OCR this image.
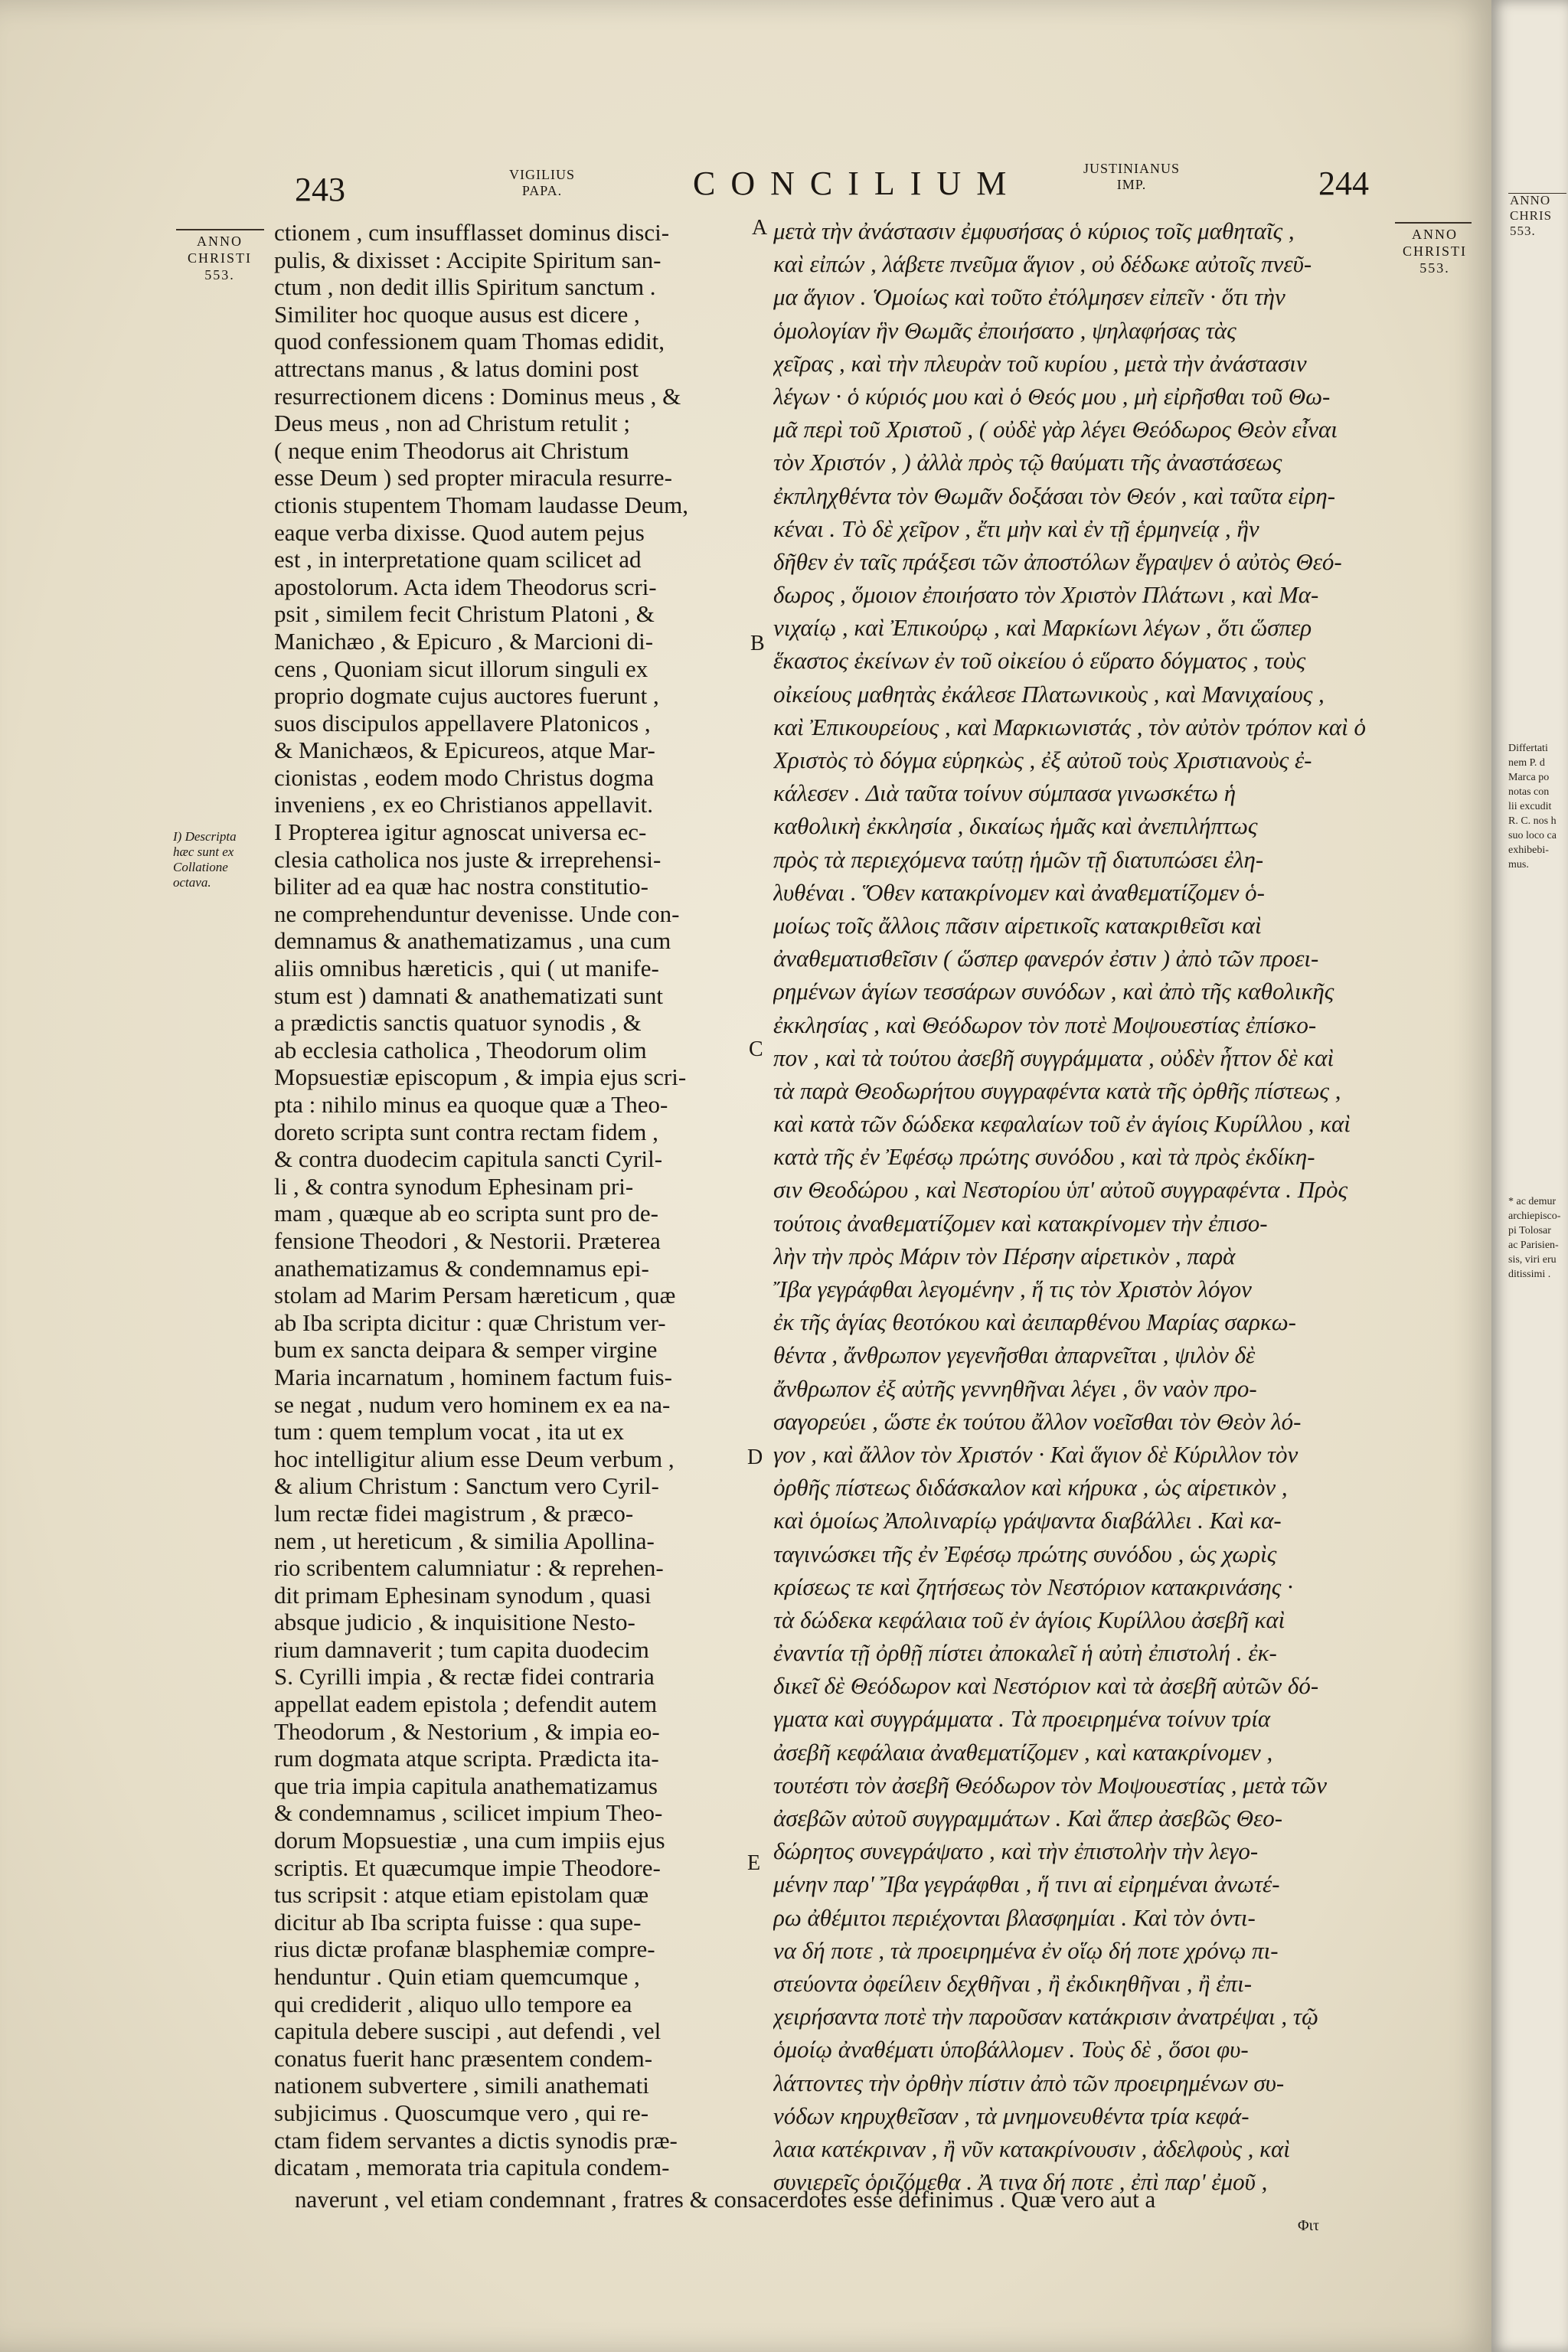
243	VIGILIUS
PAPA.	CONCILIUM	JUSTINIANUS
IMP.	244
ANNO
CHRISTI
553.
I) Descripta
hæc sunt ex
Collatione
octava.
ANNO
CHRISTI
553.
A
B
C
D
E
ctionem , cum insufflasset dominus disci-
pulis, & dixisset : Accipite Spiritum san-
ctum , non dedit illis Spiritum sanctum .
Similiter hoc quoque ausus est dicere ,
quod confessionem quam Thomas edidit,
attrectans manus , & latus domini post
resurrectionem dicens : Dominus meus , &
Deus meus , non ad Christum retulit ;
( neque enim Theodorus ait Christum
esse Deum ) sed propter miracula resurre-
ctionis stupentem Thomam laudasse Deum,
eaque verba dixisse. Quod autem pejus
est , in interpretatione quam scilicet ad
apostolorum. Acta idem Theodorus scri-
psit , similem fecit Christum Platoni , &
Manichæo , & Epicuro , & Marcioni di-
cens , Quoniam sicut illorum singuli ex
proprio dogmate cujus auctores fuerunt ,
suos discipulos appellavere Platonicos ,
& Manichæos, & Epicureos, atque Mar-
cionistas , eodem modo Christus dogma
inveniens , ex eo Christianos appellavit.
I Propterea igitur agnoscat universa ec-
clesia catholica nos juste & irreprehensi-
biliter ad ea quæ hac nostra constitutio-
ne comprehenduntur devenisse. Unde con-
demnamus & anathematizamus , una cum
aliis omnibus hæreticis , qui ( ut manife-
stum est ) damnati & anathematizati sunt
a prædictis sanctis quatuor synodis , &
ab ecclesia catholica , Theodorum olim
Mopsuestiæ episcopum , & impia ejus scri-
pta : nihilo minus ea quoque quæ a Theo-
doreto scripta sunt contra rectam fidem ,
& contra duodecim capitula sancti Cyril-
li , & contra synodum Ephesinam pri-
mam , quæque ab eo scripta sunt pro de-
fensione Theodori , & Nestorii. Præterea
anathematizamus & condemnamus epi-
stolam ad Marim Persam hæreticum , quæ
ab Iba scripta dicitur : quæ Christum ver-
bum ex sancta deipara & semper virgine
Maria incarnatum , hominem factum fuis-
se negat , nudum vero hominem ex ea na-
tum : quem templum vocat , ita ut ex
hoc intelligitur alium esse Deum verbum ,
& alium Christum : Sanctum vero Cyril-
lum rectæ fidei magistrum , & præco-
nem , ut hereticum , & similia Apollina-
rio scribentem calumniatur : & reprehen-
dit primam Ephesinam synodum , quasi
absque judicio , & inquisitione Nesto-
rium damnaverit ; tum capita duodecim
S. Cyrilli impia , & rectæ fidei contraria
appellat eadem epistola ; defendit autem
Theodorum , & Nestorium , & impia eo-
rum dogmata atque scripta. Prædicta ita-
que tria impia capitula anathematizamus
& condemnamus , scilicet impium Theo-
dorum Mopsuestiæ , una cum impiis ejus
scriptis. Et quæcumque impie Theodore-
tus scripsit : atque etiam epistolam quæ
dicitur ab Iba scripta fuisse : qua supe-
rius dictæ profanæ blasphemiæ compre-
henduntur . Quin etiam quemcumque ,
qui crediderit , aliquo ullo tempore ea
capitula debere suscipi , aut defendi , vel
conatus fuerit hanc præsentem condem-
nationem subvertere , simili anathemati
subjicimus . Quoscumque vero , qui re-
ctam fidem servantes a dictis synodis præ-
dicatam , memorata tria capitula condem-
μετὰ τὴν ἀνάστασιν ἐμφυσήσας ὁ κύριος τοῖς μαθηταῖς ,
καὶ εἰπών , λάβετε πνεῦμα ἅγιον , οὐ δέδωκε αὐτοῖς πνεῦ-
μα ἅγιον . Ὁμοίως καὶ τοῦτο ἐτόλμησεν εἰπεῖν · ὅτι τὴν
ὁμολογίαν ἣν Θωμᾶς ἐποιήσατο , ψηλαφήσας τὰς
χεῖρας , καὶ τὴν πλευρὰν τοῦ κυρίου , μετὰ τὴν ἀνάστασιν
λέγων · ὁ κύριός μου καὶ ὁ Θεός μου , μὴ εἰρῆσθαι τοῦ Θω-
μᾶ περὶ τοῦ Χριστοῦ , ( οὐδὲ γὰρ λέγει Θεόδωρος Θεὸν εἶναι
τὸν Χριστόν , ) ἀλλὰ πρὸς τῷ θαύματι τῆς ἀναστάσεως
ἐκπληχθέντα τὸν Θωμᾶν δοξάσαι τὸν Θεόν , καὶ ταῦτα εἰρη-
κέναι . Τὸ δὲ χεῖρον , ἔτι μὴν καὶ ἐν τῇ ἑρμηνείᾳ , ἣν
δῆθεν ἐν ταῖς πράξεσι τῶν ἀποστόλων ἔγραψεν ὁ αὐτὸς Θεό-
δωρος , ὅμοιον ἐποιήσατο τὸν Χριστὸν Πλάτωνι , καὶ Μα-
νιχαίῳ , καὶ Ἐπικούρῳ , καὶ Μαρκίωνι λέγων , ὅτι ὥσπερ
ἕκαστος ἐκείνων ἐν τοῦ οἰκείου ὁ εὕρατο δόγματος , τοὺς
οἰκείους μαθητὰς ἐκάλεσε Πλατωνικοὺς , καὶ Μανιχαίους ,
καὶ Ἐπικουρείους , καὶ Μαρκιωνιστάς , τὸν αὐτὸν τρόπον καὶ ὁ
Χριστὸς τὸ δόγμα εὑρηκὼς , ἐξ αὐτοῦ τοὺς Χριστιανοὺς ἐ-
κάλεσεν . Διὰ ταῦτα τοίνυν σύμπασα γινωσκέτω ἡ
καθολικὴ ἐκκλησία , δικαίως ἡμᾶς καὶ ἀνεπιλήπτως
πρὸς τὰ περιεχόμενα ταύτῃ ἡμῶν τῇ διατυπώσει ἐλη-
λυθέναι . Ὅθεν κατακρίνομεν καὶ ἀναθεματίζομεν ὁ-
μοίως τοῖς ἄλλοις πᾶσιν αἱρετικοῖς κατακριθεῖσι καὶ
ἀναθεματισθεῖσιν ( ὥσπερ φανερόν ἐστιν ) ἀπὸ τῶν προει-
ρημένων ἁγίων τεσσάρων συνόδων , καὶ ἀπὸ τῆς καθολικῆς
ἐκκλησίας , καὶ Θεόδωρον τὸν ποτὲ Μοψουεστίας ἐπίσκο-
πον , καὶ τὰ τούτου ἀσεβῆ συγγράμματα , οὐδὲν ἧττον δὲ καὶ
τὰ παρὰ Θεοδωρήτου συγγραφέντα κατὰ τῆς ὀρθῆς πίστεως ,
καὶ κατὰ τῶν δώδεκα κεφαλαίων τοῦ ἐν ἁγίοις Κυρίλλου , καὶ
κατὰ τῆς ἐν Ἐφέσῳ πρώτης συνόδου , καὶ τὰ πρὸς ἐκδίκη-
σιν Θεοδώρου , καὶ Νεστορίου ὑπ' αὐτοῦ συγγραφέντα . Πρὸς
τούτοις ἀναθεματίζομεν καὶ κατακρίνομεν τὴν ἐπισο-
λὴν τὴν πρὸς Μάριν τὸν Πέρσην αἱρετικὸν , παρὰ
Ἴβα γεγράφθαι λεγομένην , ἥ τις τὸν Χριστὸν λόγον
ἐκ τῆς ἁγίας θεοτόκου καὶ ἀειπαρθένου Μαρίας σαρκω-
θέντα , ἄνθρωπον γεγενῆσθαι ἀπαρνεῖται , ψιλὸν δὲ
ἄνθρωπον ἐξ αὐτῆς γεννηθῆναι λέγει , ὃν ναὸν προ-
σαγορεύει , ὥστε ἐκ τούτου ἄλλον νοεῖσθαι τὸν Θεὸν λό-
γον , καὶ ἄλλον τὸν Χριστόν · Καὶ ἅγιον δὲ Κύριλλον τὸν
ὀρθῆς πίστεως διδάσκαλον καὶ κήρυκα , ὡς αἱρετικὸν ,
καὶ ὁμοίως Ἀπολιναρίῳ γράψαντα διαβάλλει . Καὶ κα-
ταγινώσκει τῆς ἐν Ἐφέσῳ πρώτης συνόδου , ὡς χωρὶς
κρίσεως τε καὶ ζητήσεως τὸν Νεστόριον κατακρινάσης ·
τὰ δώδεκα κεφάλαια τοῦ ἐν ἁγίοις Κυρίλλου ἀσεβῆ καὶ
ἐναντία τῇ ὀρθῇ πίστει ἀποκαλεῖ ἡ αὐτὴ ἐπιστολή . ἐκ-
δικεῖ δὲ Θεόδωρον καὶ Νεστόριον καὶ τὰ ἀσεβῆ αὐτῶν δό-
γματα καὶ συγγράμματα . Τὰ προειρημένα τοίνυν τρία
ἀσεβῆ κεφάλαια ἀναθεματίζομεν , καὶ κατακρίνομεν ,
τουτέστι τὸν ἀσεβῆ Θεόδωρον τὸν Μοψουεστίας , μετὰ τῶν
ἀσεβῶν αὐτοῦ συγγραμμάτων . Καὶ ἅπερ ἀσεβῶς Θεο-
δώρητος συνεγράψατο , καὶ τὴν ἐπιστολὴν τὴν λεγο-
μένην παρ' Ἴβα γεγράφθαι , ἥ τινι αἱ εἰρημέναι ἀνωτέ-
ρω ἀθέμιτοι περιέχονται βλασφημίαι . Καὶ τὸν ὁντι-
να δή ποτε , τὰ προειρημένα ἐν οἵῳ δή ποτε χρόνῳ πι-
στεύοντα ὀφείλειν δεχθῆναι , ἢ ἐκδικηθῆναι , ἢ ἐπι-
χειρήσαντα ποτὲ τὴν παροῦσαν κατάκρισιν ἀνατρέψαι , τῷ
ὁμοίῳ ἀναθέματι ὑποβάλλομεν . Τοὺς δὲ , ὅσοι φυ-
λάττοντες τὴν ὀρθὴν πίστιν ἀπὸ τῶν προειρημένων συ-
νόδων κηρυχθεῖσαν , τὰ μνημονευθέντα τρία κεφά-
λαια κατέκριναν , ἢ νῦν κατακρίνουσιν , ἀδελφοὺς , καὶ
συνιερεῖς ὁριζόμεθα . Ἀ τινα δή ποτε , ἐπὶ παρ' ἐμοῦ ,
naverunt , vel etiam condemnant , fratres & consacerdotes esse definimus . Quæ vero aut a
Φιτ
ANNO
CHRIS
553.
Differtati
nem P. d
Marca po
notas con
lii excudit
R. C. nos h
suo loco ca
exhibebi-
mus.
* ac demur
archiepisco-
pi Tolosar
ac Parisien-
sis, viri eru
ditissimi .
